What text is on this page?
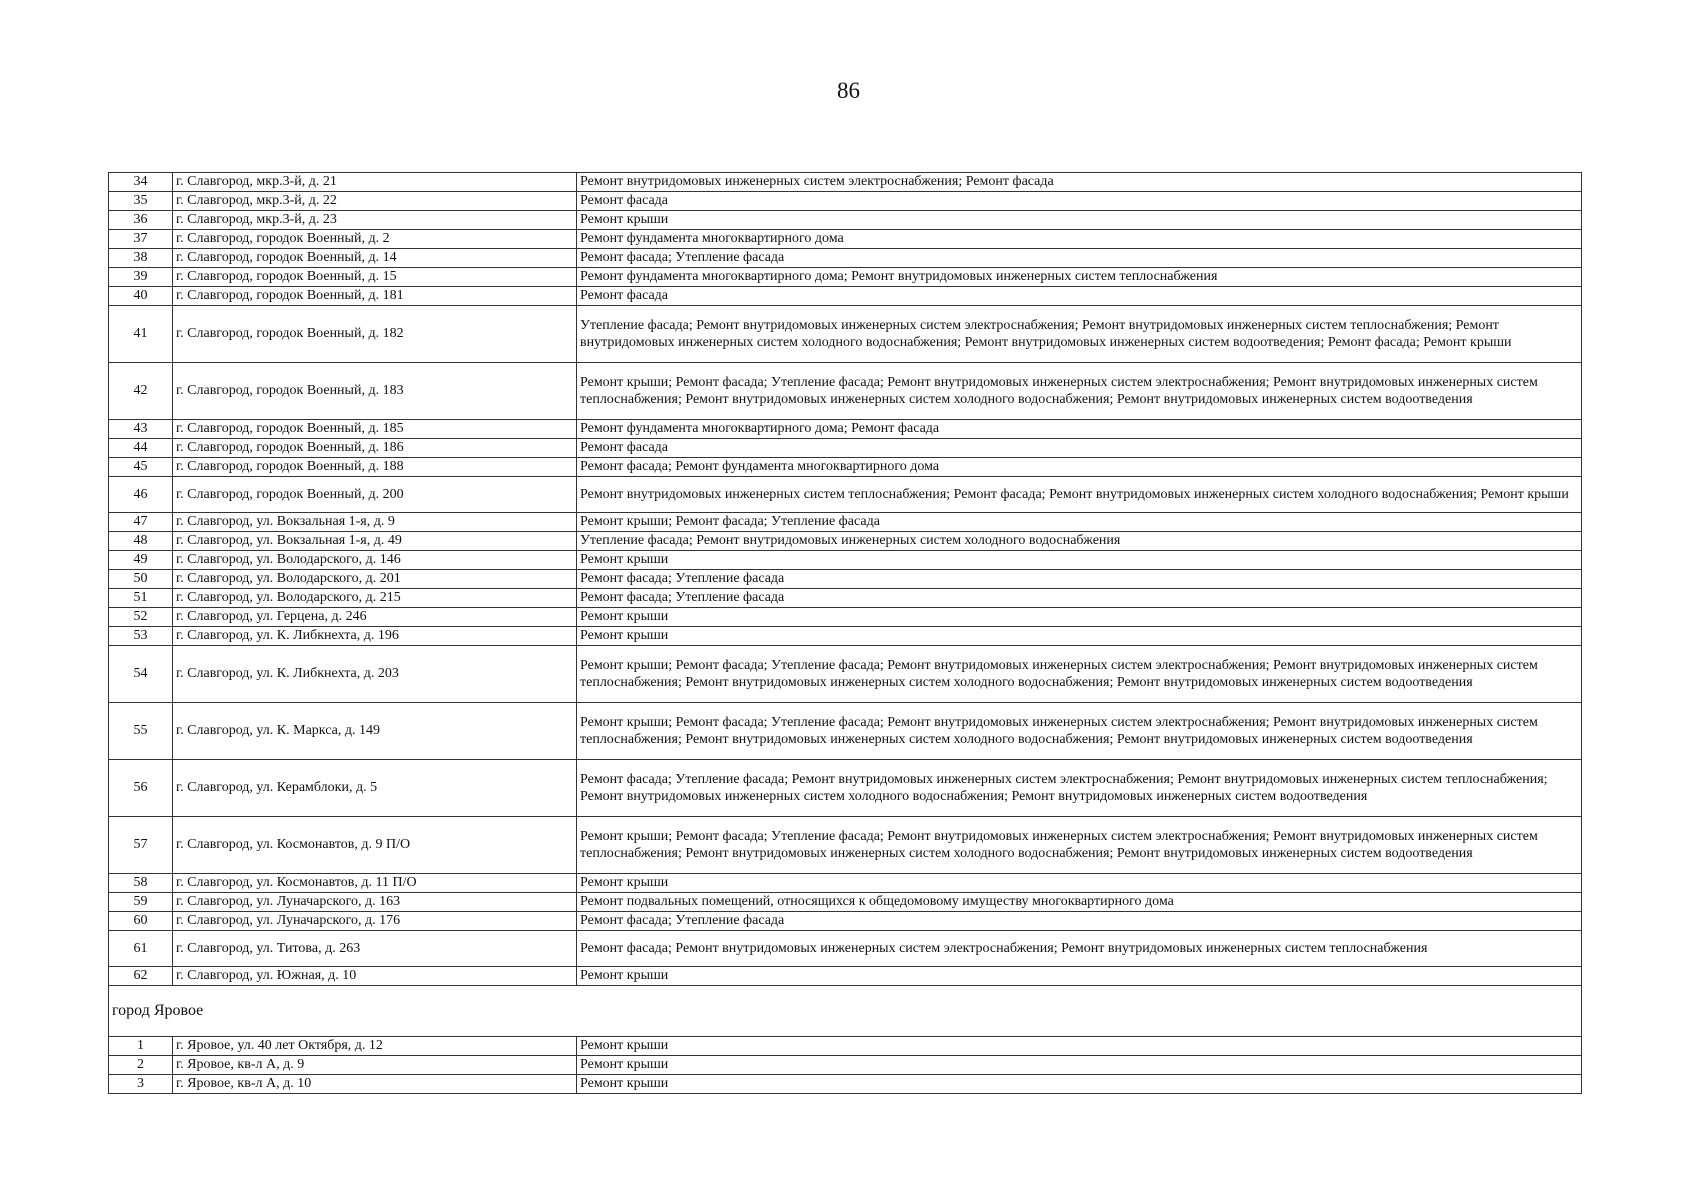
86
34	г. Славгород, мкр.3-й, д. 21	Ремонт внутридомовых инженерных систем электроснабжения; Ремонт фасада
35	г. Славгород, мкр.3-й, д. 22	Ремонт фасада
36	г. Славгород, мкр.3-й, д. 23	Ремонт крыши
37	г. Славгород, городок Военный, д. 2	Ремонт фундамента многоквартирного дома
38	г. Славгород, городок Военный, д. 14	Ремонт фасада; Утепление фасада
39	г. Славгород, городок Военный, д. 15	Ремонт фундамента многоквартирного дома; Ремонт внутридомовых инженерных систем теплоснабжения
40	г. Славгород, городок Военный, д. 181	Ремонт фасада
41	г. Славгород, городок Военный, д. 182	Утепление фасада; Ремонт внутридомовых инженерных систем электроснабжения; Ремонт внутридомовых инженерных систем теплоснабжения; Ремонт внутридомовых инженерных систем холодного водоснабжения; Ремонт внутридомовых инженерных систем водоотведения; Ремонт фасада; Ремонт крыши
42	г. Славгород, городок Военный, д. 183	Ремонт крыши; Ремонт фасада; Утепление фасада; Ремонт внутридомовых инженерных систем электроснабжения; Ремонт внутридомовых инженерных систем теплоснабжения; Ремонт внутридомовых инженерных систем холодного водоснабжения; Ремонт внутридомовых инженерных систем водоотведения
43	г. Славгород, городок Военный, д. 185	Ремонт фундамента многоквартирного дома; Ремонт фасада
44	г. Славгород, городок Военный, д. 186	Ремонт фасада
45	г. Славгород, городок Военный, д. 188	Ремонт фасада; Ремонт фундамента многоквартирного дома
46	г. Славгород, городок Военный, д. 200	Ремонт внутридомовых инженерных систем теплоснабжения; Ремонт фасада; Ремонт внутридомовых инженерных систем холодного водоснабжения; Ремонт крыши
47	г. Славгород, ул. Вокзальная 1-я, д. 9	Ремонт крыши; Ремонт фасада; Утепление фасада
48	г. Славгород, ул. Вокзальная 1-я, д. 49	Утепление фасада; Ремонт внутридомовых инженерных систем холодного водоснабжения
49	г. Славгород, ул. Володарского, д. 146	Ремонт крыши
50	г. Славгород, ул. Володарского, д. 201	Ремонт фасада; Утепление фасада
51	г. Славгород, ул. Володарского, д. 215	Ремонт фасада; Утепление фасада
52	г. Славгород, ул. Герцена, д. 246	Ремонт крыши
53	г. Славгород, ул. К. Либкнехта, д. 196	Ремонт крыши
54	г. Славгород, ул. К. Либкнехта, д. 203	Ремонт крыши; Ремонт фасада; Утепление фасада; Ремонт внутридомовых инженерных систем электроснабжения; Ремонт внутридомовых инженерных систем теплоснабжения; Ремонт внутридомовых инженерных систем холодного водоснабжения; Ремонт внутридомовых инженерных систем водоотведения
55	г. Славгород, ул. К. Маркса, д. 149	Ремонт крыши; Ремонт фасада; Утепление фасада; Ремонт внутридомовых инженерных систем электроснабжения; Ремонт внутридомовых инженерных систем теплоснабжения; Ремонт внутридомовых инженерных систем холодного водоснабжения; Ремонт внутридомовых инженерных систем водоотведения
56	г. Славгород, ул. Керамблоки, д. 5	Ремонт фасада; Утепление фасада; Ремонт внутридомовых инженерных систем электроснабжения; Ремонт внутридомовых инженерных систем теплоснабжения; Ремонт внутридомовых инженерных систем холодного водоснабжения; Ремонт внутридомовых инженерных систем водоотведения
57	г. Славгород, ул. Космонавтов, д. 9 П/О	Ремонт крыши; Ремонт фасада; Утепление фасада; Ремонт внутридомовых инженерных систем электроснабжения; Ремонт внутридомовых инженерных систем теплоснабжения; Ремонт внутридомовых инженерных систем холодного водоснабжения; Ремонт внутридомовых инженерных систем водоотведения
58	г. Славгород, ул. Космонавтов, д. 11 П/О	Ремонт крыши
59	г. Славгород, ул. Луначарского, д. 163	Ремонт подвальных помещений, относящихся к общедомовому имуществу многоквартирного дома
60	г. Славгород, ул. Луначарского, д. 176	Ремонт фасада; Утепление фасада
61	г. Славгород, ул. Титова, д. 263	Ремонт фасада; Ремонт внутридомовых инженерных систем электроснабжения; Ремонт внутридомовых инженерных систем теплоснабжения
62	г. Славгород, ул. Южная, д. 10	Ремонт крыши
город Яровое		
1	г. Яровое, ул. 40 лет Октября, д. 12	Ремонт крыши
2	г. Яровое, кв-л А, д. 9	Ремонт крыши
3	г. Яровое, кв-л А, д. 10	Ремонт крыши
